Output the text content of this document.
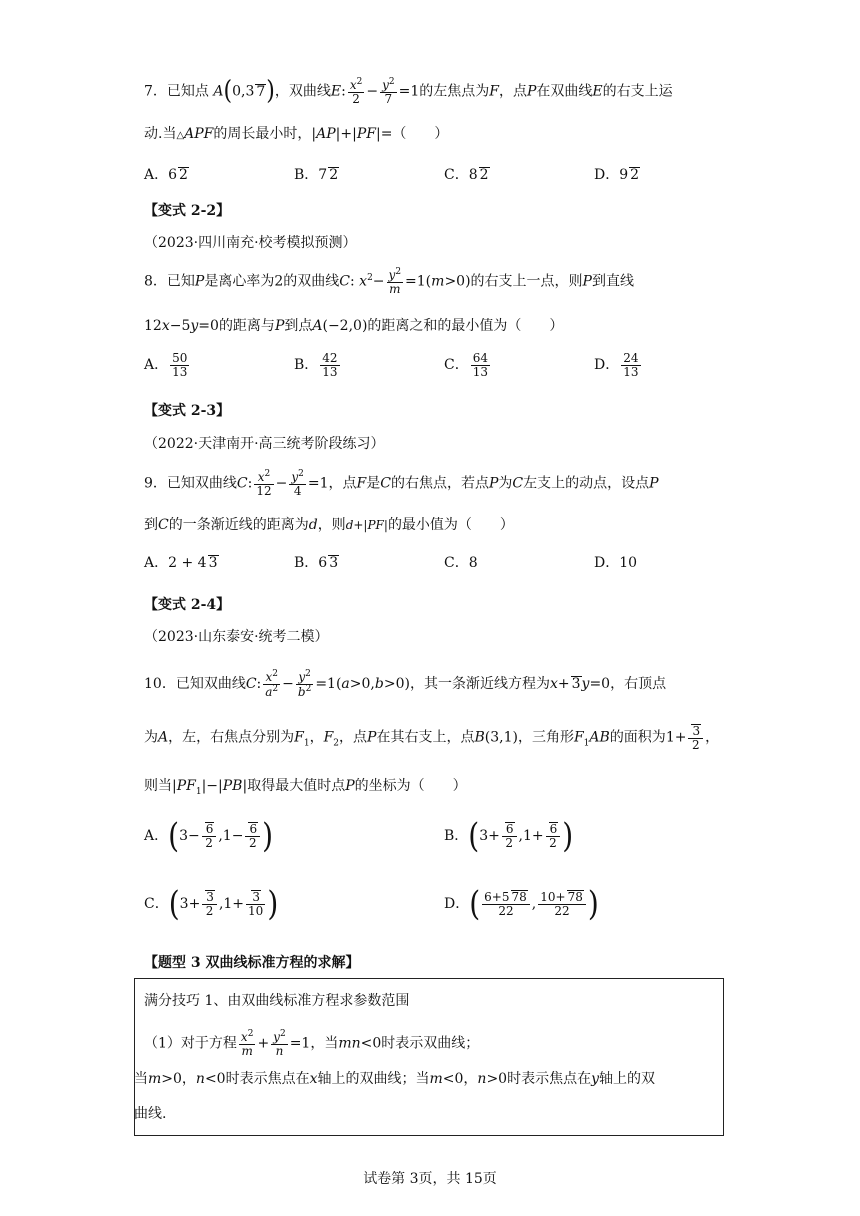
7．已知点 A(0,3 7)，双曲线E: $\frac{x^2}{2} - \frac{y^2}{7} =1$的左焦点为F，点P在双曲线E的右支上运
动.当△APF的周长最小时，|AP|+|PF|=（　　）
A．6 2	B．7 2	C．8 2	D．9 2
【变式 2-2】
（2023·四川南充·校考模拟预测）
8．已知P是离心率为2的双曲线C: $x^2- \frac{y^2}{m} =1(m>0)$的右支上一点，则P到直线
12x−5y=0的距离与P到点A(−2,0)的距离之和的最小值为（　　）
A． $\frac{50}{13}$	B． $\frac{42}{13}$	C． $\frac{64}{13}$	D． $\frac{24}{13}$
【变式 2-3】
（2022·天津南开·高三统考阶段练习）
9．已知双曲线C: $\frac{x^2}{12} - \frac{y^2}{4} =1$，点F是C的右焦点，若点P为C左支上的动点，设点P
到C的一条渐近线的距离为d，则d+|PF|的最小值为（　　）
A．2 + 4 3	B．6 3	C．8	D．10
【变式 2-4】
（2023·山东泰安·统考二模）
10．已知双曲线C: $\frac{x^2}{a^2} - \frac{y^2}{b^2} =1(a>0,b>0)$，其一条渐近线方程为x+ 3y=0，右顶点
为A，左，右焦点分别为$F_1$，$F_2$，点P在其右支上，点B(3,1)，三角形$F_1AB$的面积为$1+ \frac{3}{2}$ ，
则当$|PF_1|-|PB|$取得最大值时点P的坐标为（　　）
A．($3- \frac{6}{2} ,1- \frac{6}{2}$ )	B．($3+ \frac{6}{2} ,1+ \frac{6}{2}$ )
C．($3+ \frac{3}{2} ,1+ \frac{3}{10}$ )	D．( $\frac{6+5 78}{22}$ , $\frac{10+ 78}{22}$ )
【题型 3 双曲线标准方程的求解】
满分技巧 1、由双曲线标准方程求参数范围
（1）对于方程 $\frac{x^2}{m} + \frac{y^2}{n} =1$，当mn<0时表示双曲线；
当m>0，n<0时表示焦点在x轴上的双曲线；当m<0，n>0时表示焦点在y轴上的双
曲线.
试卷第 3页，共 15页
